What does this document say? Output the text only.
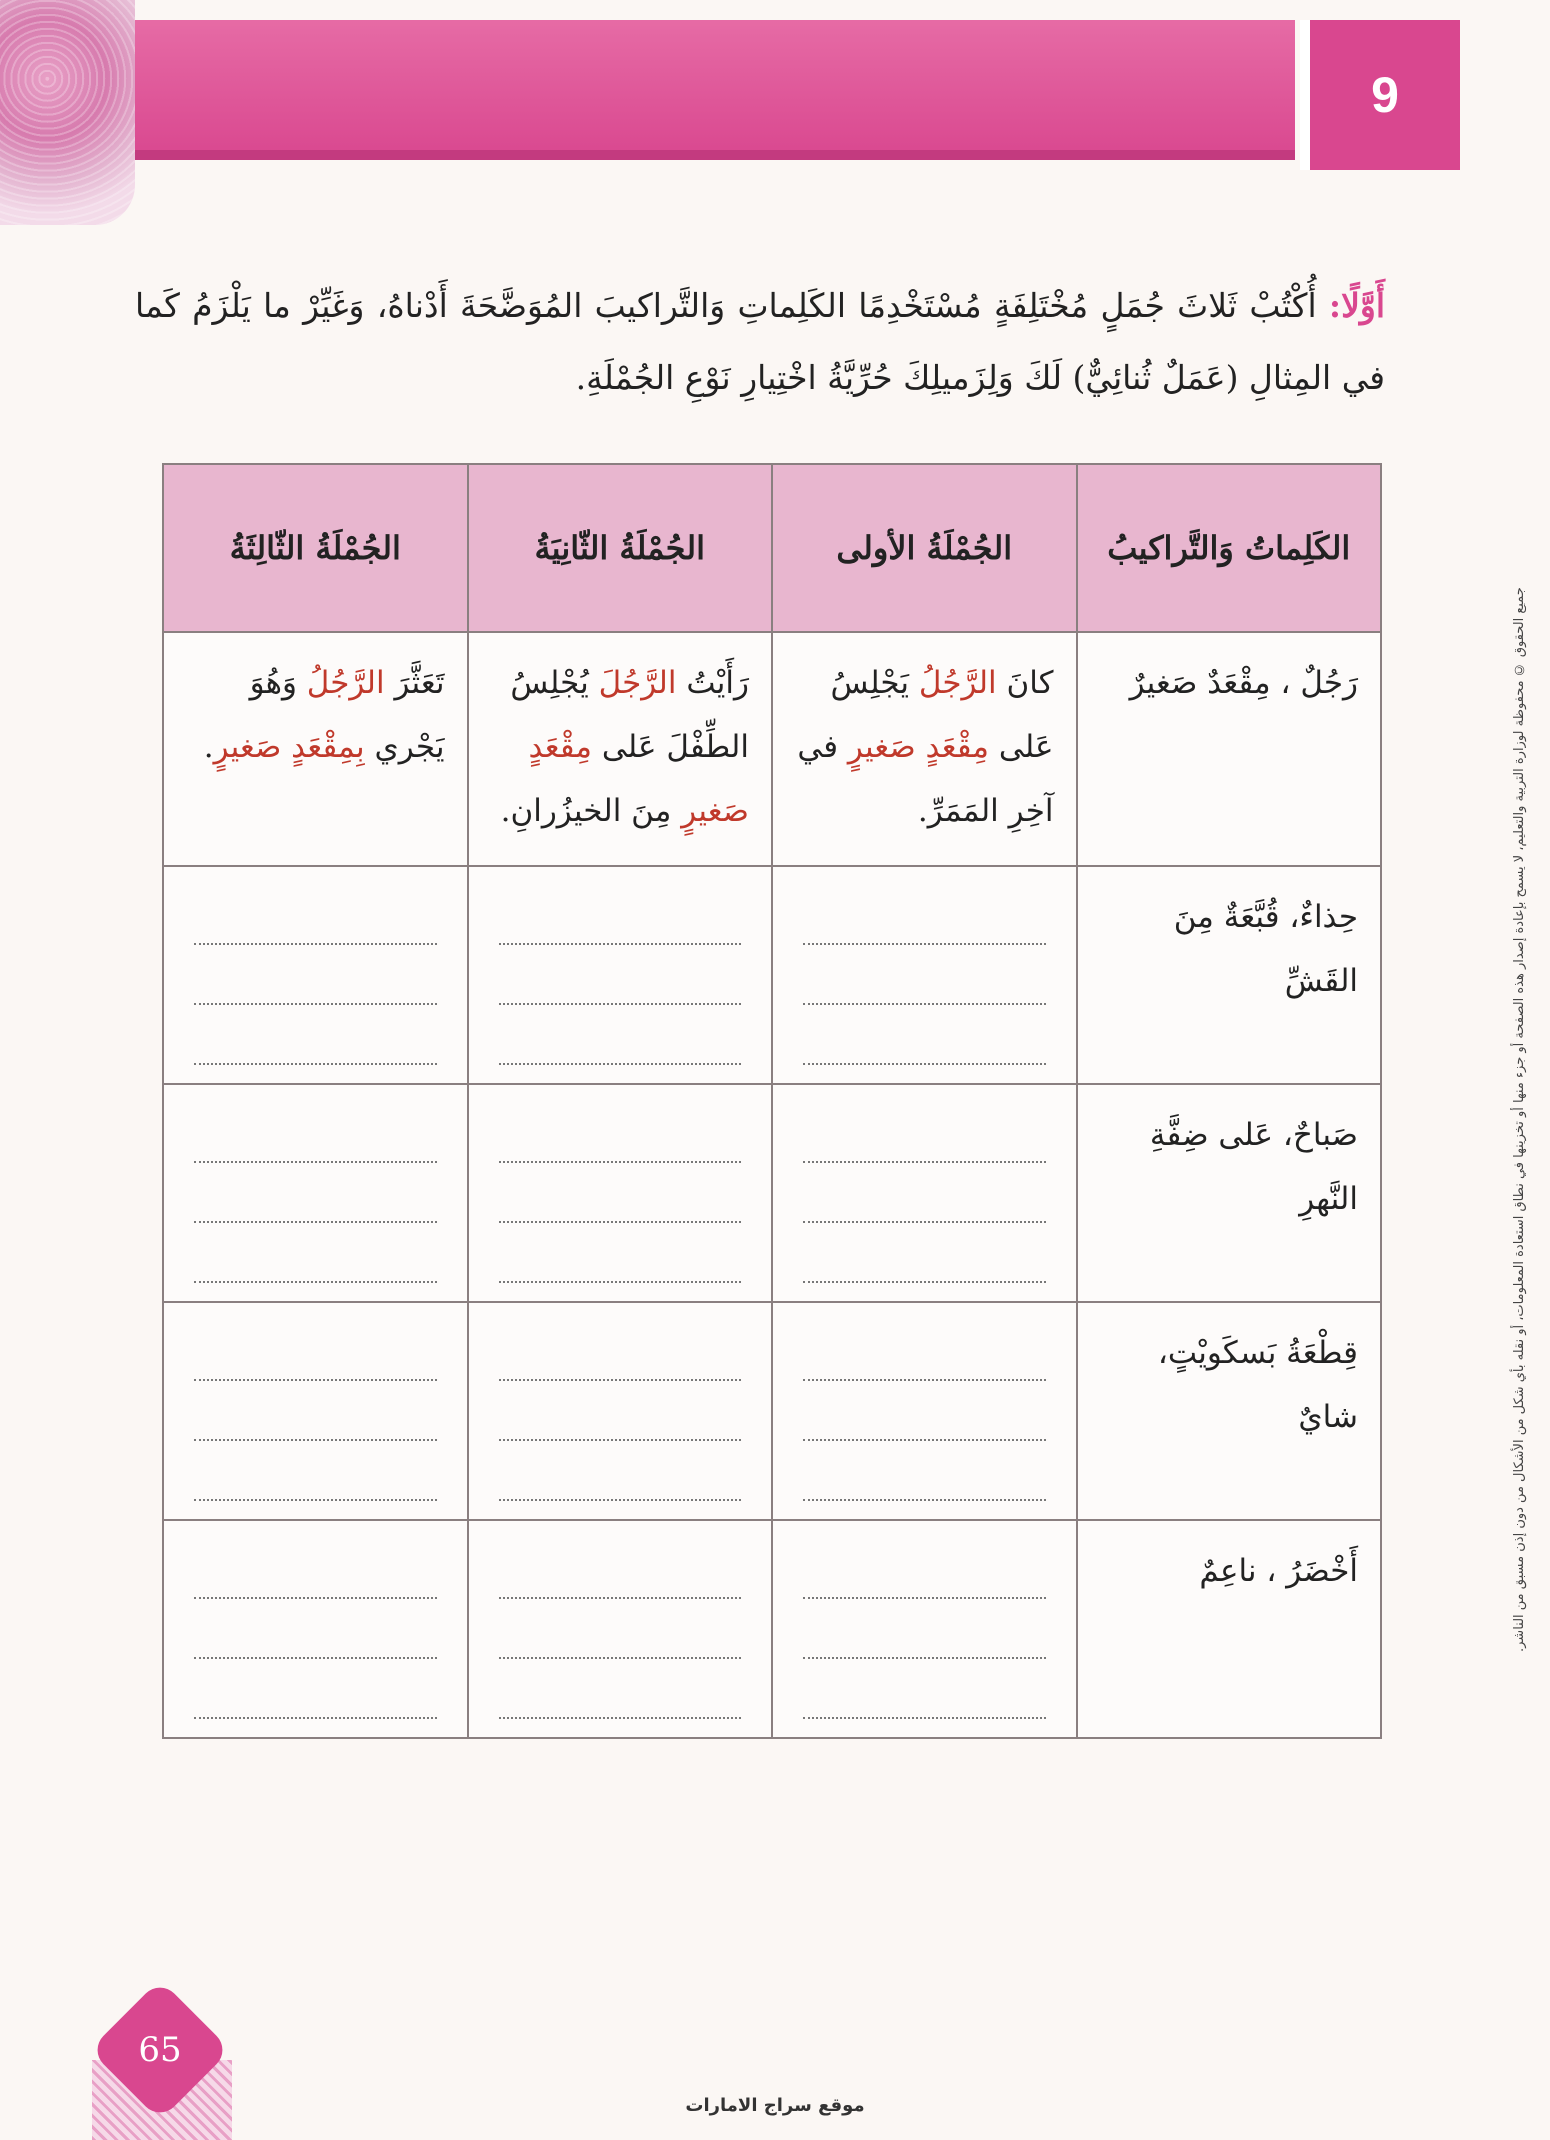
9
أَوَّلًا: أُكْتُبْ ثَلاثَ جُمَلٍ مُخْتَلِفَةٍ مُسْتَخْدِمًا الكَلِماتِ وَالتَّراكيبَ المُوَضَّحَةَ أَدْناهُ، وَغَيِّرْ ما يَلْزَمُ كَما في المِثالِ (عَمَلٌ ثُنائِيٌّ) لَكَ وَلِزَميلِكَ حُرِّيَّةُ اخْتِيارِ نَوْعِ الجُمْلَةِ.
الكَلِماتُ وَالتَّراكيبُ	الجُمْلَةُ الأولى	الجُمْلَةُ الثّانِيَةُ	الجُمْلَةُ الثّالِثَةُ
رَجُلٌ ، مِقْعَدٌ صَغيرٌ	كانَ الرَّجُلُ يَجْلِسُ عَلى مِقْعَدٍ صَغيرٍ في آخِرِ المَمَرِّ.	رَأَيْتُ الرَّجُلَ يُجْلِسُ الطِّفْلَ عَلى مِقْعَدٍ صَغيرٍ مِنَ الخيزُرانِ.	تَعَثَّرَ الرَّجُلُ وَهُوَ يَجْري بِمِقْعَدٍ صَغيرٍ.
حِذاءٌ، قُبَّعَةٌ مِنَ القَشِّ	

صَباحٌ، عَلى ضِفَّةِ النَّهرِ	

قِطْعَةُ بَسكَويْتٍ، شايٌ	

أَخْضَرُ ، ناعِمٌ	

		جميع الحقوق © محفوظة لوزارة التربية والتعليم، لا يسمح بإعادة إصدار هذه الصفحة أو جزء منها أو تخزينها في نطاق استعادة المعلومات، أو نقله بأي شكل من الأشكال من دون إذن مسبق من الناشر.
65
موقع سراج الامارات
